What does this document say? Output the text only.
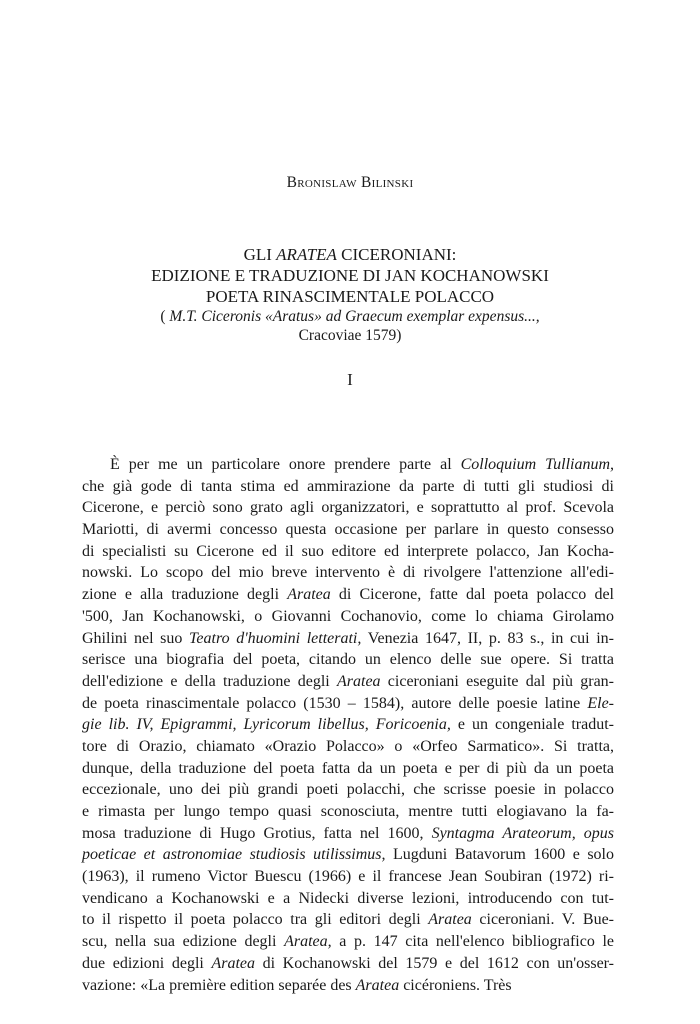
Bronislaw Bilinski
GLI ARATEA CICERONIANI:
EDIZIONE E TRADUZIONE DI JAN KOCHANOWSKI
POETA RINASCIMENTALE POLACCO
( M.T. Ciceronis «Aratus» ad Graecum exemplar expensus...,
Cracoviae 1579)
I
È per me un particolare onore prendere parte al Colloquium Tullianum,
che già gode di tanta stima ed ammirazione da parte di tutti gli studiosi di
Cicerone, e perciò sono grato agli organizzatori, e soprattutto al prof. Scevola
Mariotti, di avermi concesso questa occasione per parlare in questo consesso
di specialisti su Cicerone ed il suo editore ed interprete polacco, Jan Kocha-
nowski. Lo scopo del mio breve intervento è di rivolgere l'attenzione all'edi-
zione e alla traduzione degli Aratea di Cicerone, fatte dal poeta polacco del
'500, Jan Kochanowski, o Giovanni Cochanovio, come lo chiama Girolamo
Ghilini nel suo Teatro d'huomini letterati, Venezia 1647, II, p. 83 s., in cui in-
serisce una biografia del poeta, citando un elenco delle sue opere. Si tratta
dell'edizione e della traduzione degli Aratea ciceroniani eseguite dal più gran-
de poeta rinascimentale polacco (1530 – 1584), autore delle poesie latine Ele-
gie lib. IV, Epigrammi, Lyricorum libellus, Foricoenia, e un congeniale tradut-
tore di Orazio, chiamato «Orazio Polacco» o «Orfeo Sarmatico». Si tratta,
dunque, della traduzione del poeta fatta da un poeta e per di più da un poeta
eccezionale, uno dei più grandi poeti polacchi, che scrisse poesie in polacco
e rimasta per lungo tempo quasi sconosciuta, mentre tutti elogiavano la fa-
mosa traduzione di Hugo Grotius, fatta nel 1600, Syntagma Arateorum, opus
poeticae et astronomiae studiosis utilissimus, Lugduni Batavorum 1600 e solo
(1963), il rumeno Victor Buescu (1966) e il francese Jean Soubiran (1972) ri-
vendicano a Kochanowski e a Nidecki diverse lezioni, introducendo con tut-
to il rispetto il poeta polacco tra gli editori degli Aratea ciceroniani. V. Bue-
scu, nella sua edizione degli Aratea, a p. 147 cita nell'elenco bibliografico le
due edizioni degli Aratea di Kochanowski del 1579 e del 1612 con un'osser-
vazione: «La première edition separée des Aratea cicéroniens. Très
